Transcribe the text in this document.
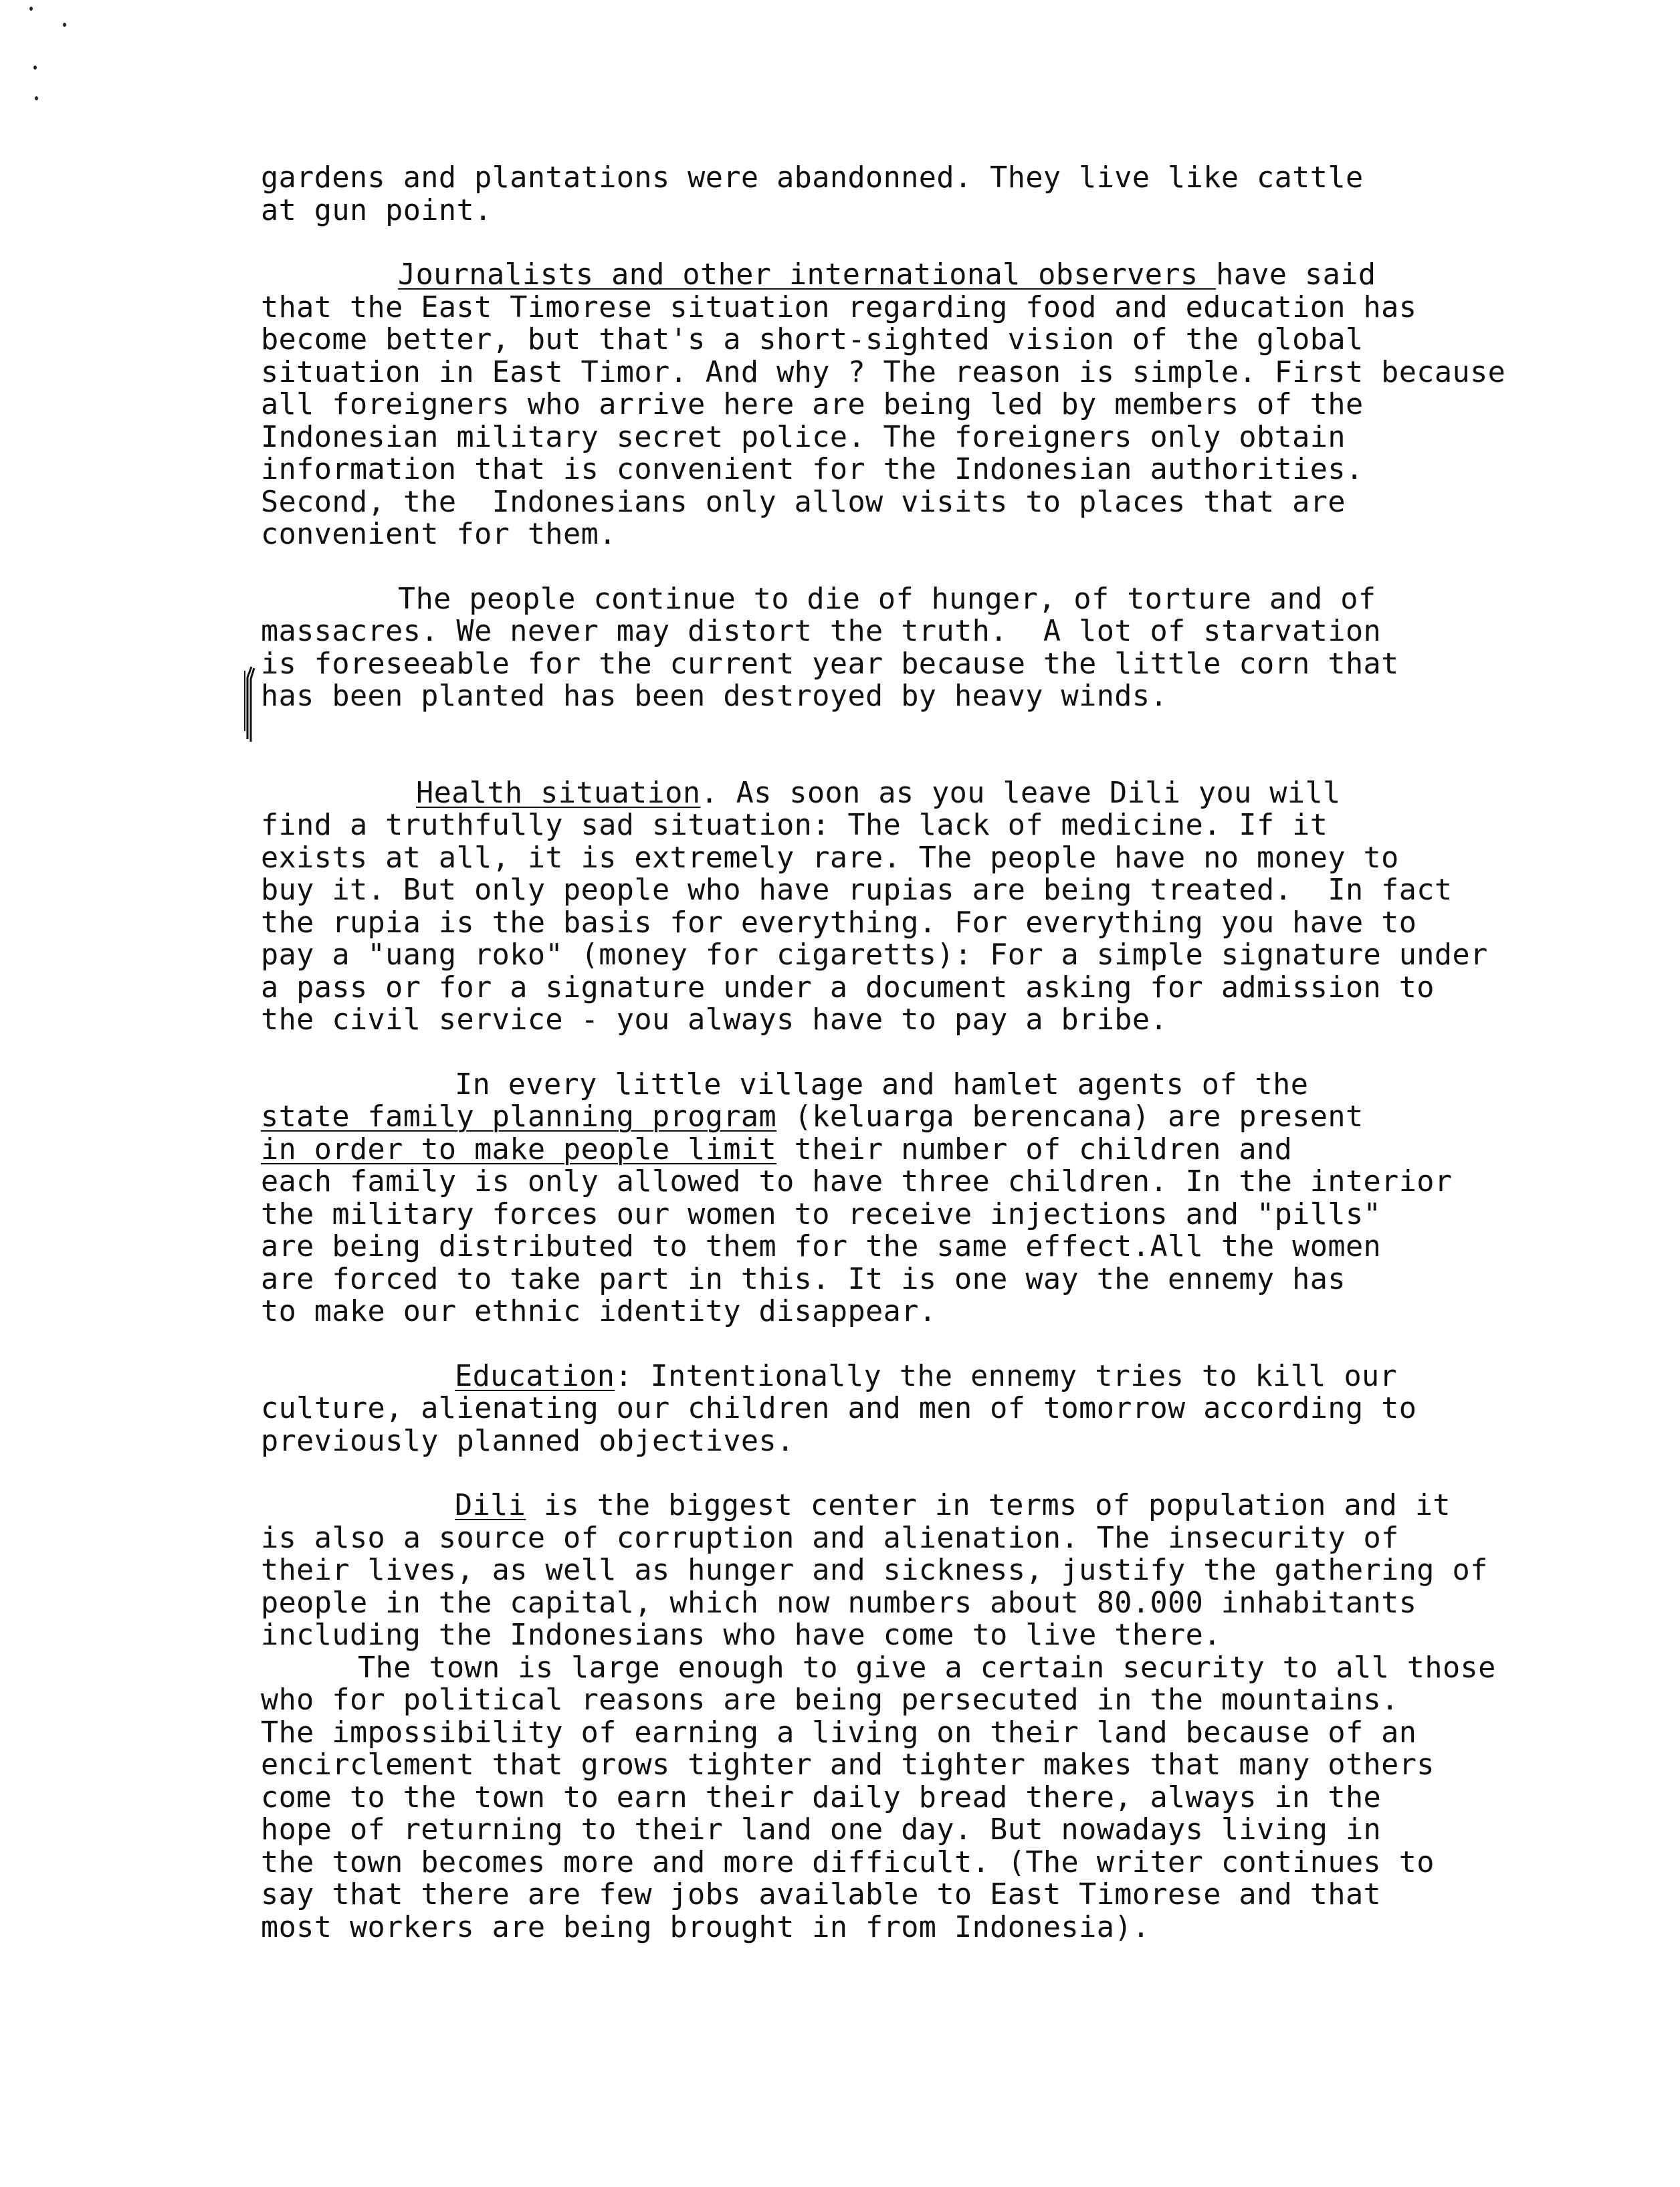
gardens and plantations were abandonned. They live like cattle
at gun point.
Journalists and other international observers have said
that the East Timorese situation regarding food and education has
become better, but that's a short-sighted vision of the global
situation in East Timor. And why ? The reason is simple. First because
all foreigners who arrive here are being led by members of the
Indonesian military secret police. The foreigners only obtain
information that is convenient for the Indonesian authorities.
Second, the  Indonesians only allow visits to places that are
convenient for them.
The people continue to die of hunger, of torture and of
massacres. We never may distort the truth.  A lot of starvation
is foreseeable for the current year because the little corn that
has been planted has been destroyed by heavy winds.
Health situation. As soon as you leave Dili you will
find a truthfully sad situation: The lack of medicine. If it
exists at all, it is extremely rare. The people have no money to
buy it. But only people who have rupias are being treated.  In fact
the rupia is the basis for everything. For everything you have to
pay a "uang roko" (money for cigaretts): For a simple signature under
a pass or for a signature under a document asking for admission to
the civil service - you always have to pay a bribe.
In every little village and hamlet agents of the
state family planning program (keluarga berencana) are present
in order to make people limit their number of children and
each family is only allowed to have three children. In the interior
the military forces our women to receive injections and "pills"
are being distributed to them for the same effect.All the women
are forced to take part in this. It is one way the ennemy has
to make our ethnic identity disappear.
Education: Intentionally the ennemy tries to kill our
culture, alienating our children and men of tomorrow according to
previously planned objectives.
Dili is the biggest center in terms of population and it
is also a source of corruption and alienation. The insecurity of
their lives, as well as hunger and sickness, justify the gathering of
people in the capital, which now numbers about 80.000 inhabitants
including the Indonesians who have come to live there.
The town is large enough to give a certain security to all those
who for political reasons are being persecuted in the mountains.
The impossibility of earning a living on their land because of an
encirclement that grows tighter and tighter makes that many others
come to the town to earn their daily bread there, always in the
hope of returning to their land one day. But nowadays living in
the town becomes more and more difficult. (The writer continues to
say that there are few jobs available to East Timorese and that
most workers are being brought in from Indonesia).
